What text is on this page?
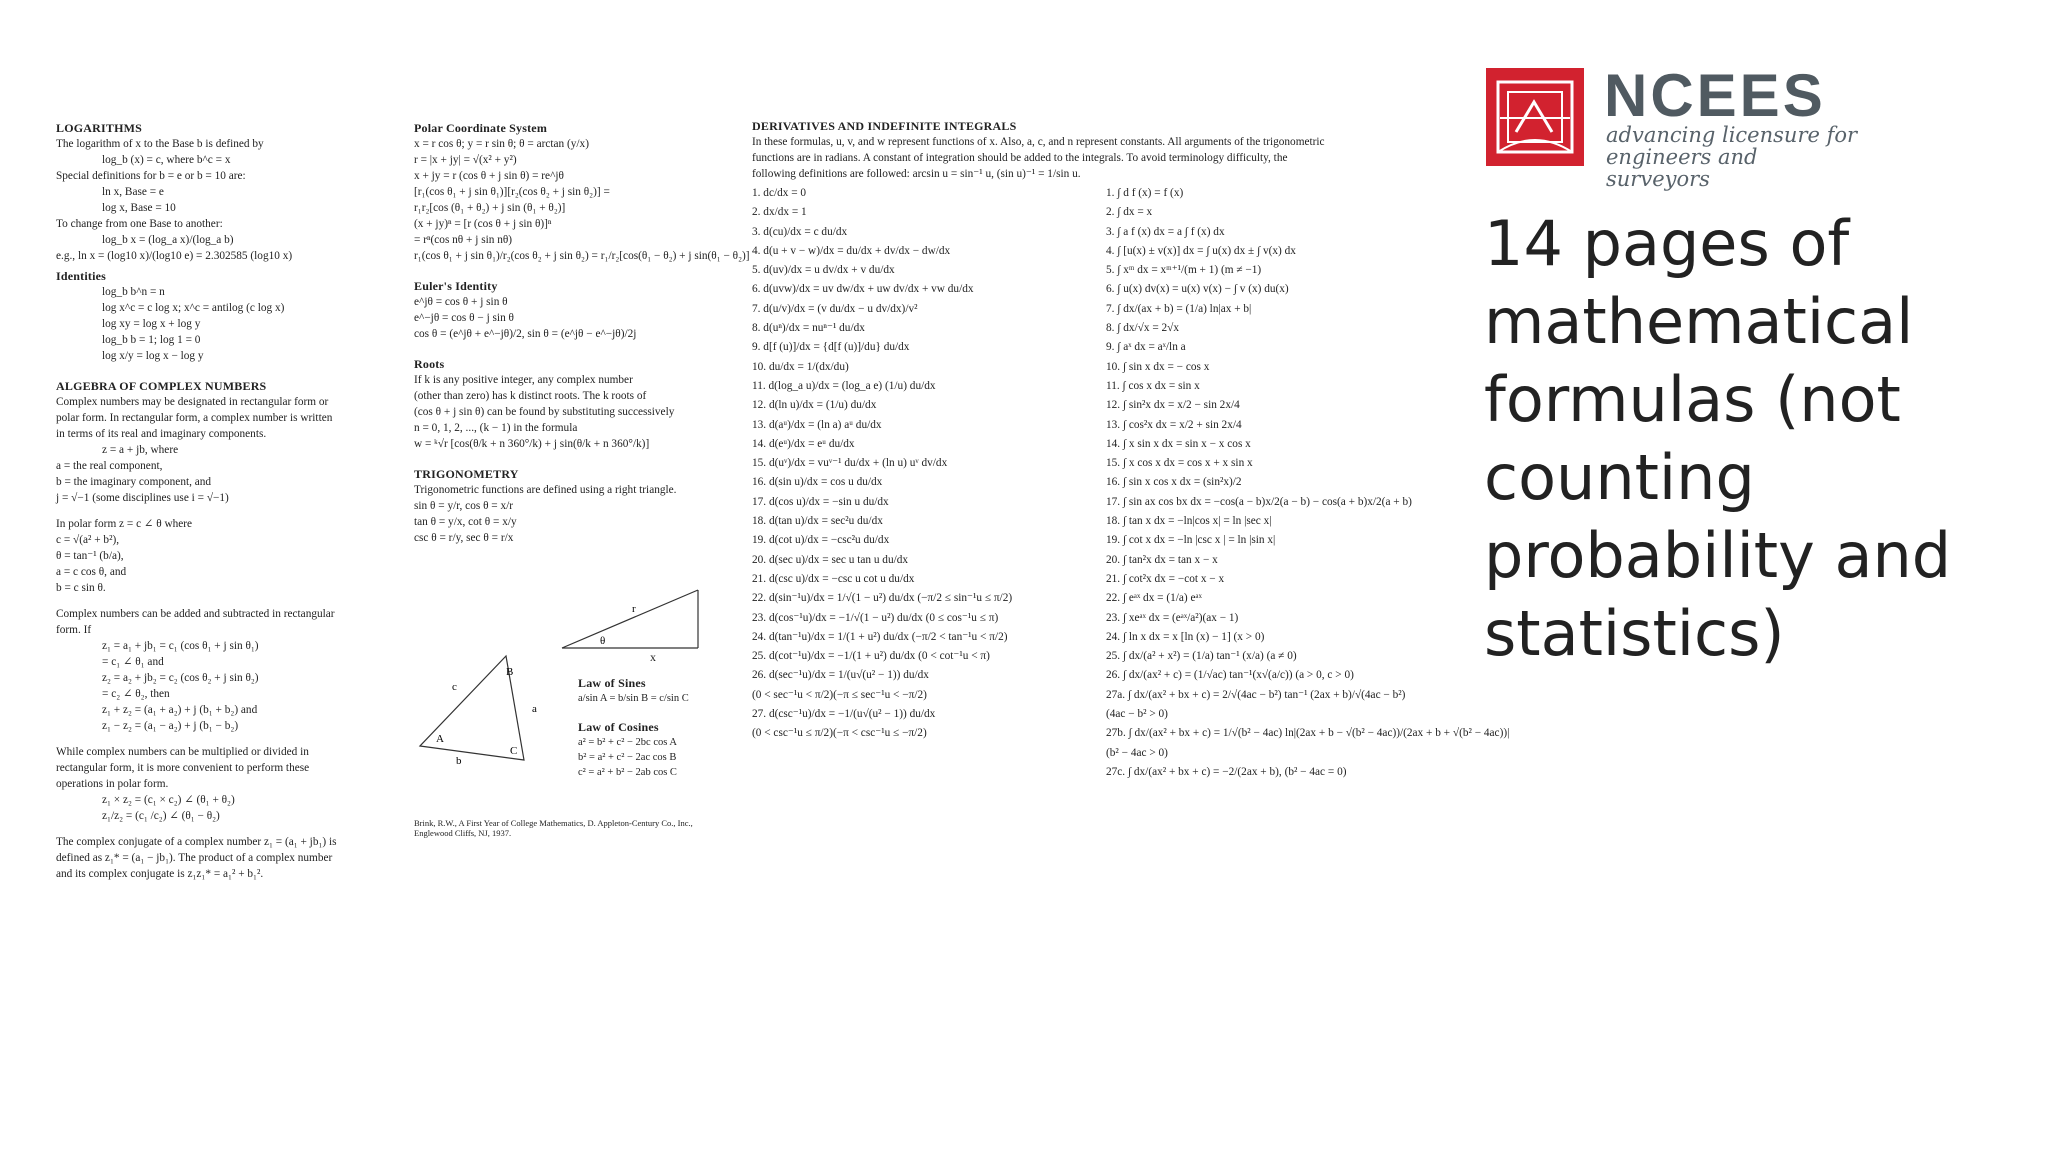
LOGARITHMS
The logarithm of x to the Base b is defined by
log_b (x) = c, where b^c = x
Special definitions for b = e or b = 10 are:
ln x, Base = e
log x, Base = 10
To change from one Base to another:
log_b x = (log_a x)/(log_a b)
e.g., ln x = (log10 x)/(log10 e) = 2.302585 (log10 x)
Identities
log_b b^n = n
log x^c = c log x; x^c = antilog (c log x)
log xy = log x + log y
log_b b = 1; log 1 = 0
log x/y = log x − log y
ALGEBRA OF COMPLEX NUMBERS
Complex numbers may be designated in rectangular form or
polar form. In rectangular form, a complex number is written
in terms of its real and imaginary components.
z = a + jb, where
a = the real component,
b = the imaginary component, and
j = √−1 (some disciplines use i = √−1)
In polar form z = c ∠ θ where
c = √(a² + b²),
θ = tan⁻¹ (b/a),
a = c cos θ, and
b = c sin θ.
Complex numbers can be added and subtracted in rectangular
form. If
z₁ = a₁ + jb₁ = c₁ (cos θ₁ + j sin θ₁)
= c₁ ∠ θ₁ and
z₂ = a₂ + jb₂ = c₂ (cos θ₂ + j sin θ₂)
= c₂ ∠ θ₂, then
z₁ + z₂ = (a₁ + a₂) + j (b₁ + b₂) and
z₁ − z₂ = (a₁ − a₂) + j (b₁ − b₂)
While complex numbers can be multiplied or divided in
rectangular form, it is more convenient to perform these
operations in polar form.
z₁ × z₂ = (c₁ × c₂) ∠ (θ₁ + θ₂)
z₁/z₂ = (c₁ /c₂) ∠ (θ₁ − θ₂)
The complex conjugate of a complex number z₁ = (a₁ + jb₁) is
defined as z₁* = (a₁ − jb₁). The product of a complex number
and its complex conjugate is z₁z₁* = a₁² + b₁².
Polar Coordinate System
x = r cos θ; y = r sin θ; θ = arctan (y/x)
r = |x + jy| = √(x² + y²)
x + jy = r (cos θ + j sin θ) = re^jθ
[r₁(cos θ₁ + j sin θ₁)][r₂(cos θ₂ + j sin θ₂)] =
r₁r₂[cos (θ₁ + θ₂) + j sin (θ₁ + θ₂)]
(x + jy)ⁿ = [r (cos θ + j sin θ)]ⁿ
= rⁿ(cos nθ + j sin nθ)
r₁(cos θ₁ + j sin θ₁)/r₂(cos θ₂ + j sin θ₂) = r₁/r₂[cos(θ₁ − θ₂) + j sin(θ₁ − θ₂)]
Euler's Identity
e^jθ = cos θ + j sin θ
e^−jθ = cos θ − j sin θ
cos θ = (e^jθ + e^−jθ)/2, sin θ = (e^jθ − e^−jθ)/2j
Roots
If k is any positive integer, any complex number
(other than zero) has k distinct roots. The k roots of
(cos θ + j sin θ) can be found by substituting successively
n = 0, 1, 2, ..., (k − 1) in the formula
w = ᵏ√r [cos(θ/k + n 360°/k) + j sin(θ/k + n 360°/k)]
TRIGONOMETRY
Trigonometric functions are defined using a right triangle.
sin θ = y/r, cos θ = x/r
tan θ = y/x, cot θ = x/y
csc θ = r/y, sec θ = r/x
r
θ
x
A
B
C
c
a
b
Law of Sines
a/sin A = b/sin B = c/sin C
Law of Cosines
a² = b² + c² − 2bc cos A
b² = a² + c² − 2ac cos B
c² = a² + b² − 2ab cos C
Brink, R.W., A First Year of College Mathematics, D. Appleton-Century Co., Inc., Englewood Cliffs, NJ, 1937.
DERIVATIVES AND INDEFINITE INTEGRALS
In these formulas, u, v, and w represent functions of x. Also, a, c, and n represent constants. All arguments of the trigonometric
functions are in radians. A constant of integration should be added to the integrals. To avoid terminology difficulty, the
following definitions are followed: arcsin u = sin⁻¹ u, (sin u)⁻¹ = 1/sin u.
1. dc/dx = 0
2. dx/dx = 1
3. d(cu)/dx = c du/dx
4. d(u + v − w)/dx = du/dx + dv/dx − dw/dx
5. d(uv)/dx = u dv/dx + v du/dx
6. d(uvw)/dx = uv dw/dx + uw dv/dx + vw du/dx
7. d(u/v)/dx = (v du/dx − u dv/dx)/v²
8. d(uⁿ)/dx = nuⁿ⁻¹ du/dx
9. d[f (u)]/dx = {d[f (u)]/du} du/dx
10. du/dx = 1/(dx/du)
11. d(log_a u)/dx = (log_a e) (1/u) du/dx
12. d(ln u)/dx = (1/u) du/dx
13. d(aᵘ)/dx = (ln a) aᵘ du/dx
14. d(eᵘ)/dx = eᵘ du/dx
15. d(uᵛ)/dx = vuᵛ⁻¹ du/dx + (ln u) uᵛ dv/dx
16. d(sin u)/dx = cos u du/dx
17. d(cos u)/dx = −sin u du/dx
18. d(tan u)/dx = sec²u du/dx
19. d(cot u)/dx = −csc²u du/dx
20. d(sec u)/dx = sec u tan u du/dx
21. d(csc u)/dx = −csc u cot u du/dx
22. d(sin⁻¹u)/dx = 1/√(1 − u²) du/dx (−π/2 ≤ sin⁻¹u ≤ π/2)
23. d(cos⁻¹u)/dx = −1/√(1 − u²) du/dx (0 ≤ cos⁻¹u ≤ π)
24. d(tan⁻¹u)/dx = 1/(1 + u²) du/dx (−π/2 < tan⁻¹u < π/2)
25. d(cot⁻¹u)/dx = −1/(1 + u²) du/dx (0 < cot⁻¹u < π)
26. d(sec⁻¹u)/dx = 1/(u√(u² − 1)) du/dx
(0 < sec⁻¹u < π/2)(−π ≤ sec⁻¹u < −π/2)
27. d(csc⁻¹u)/dx = −1/(u√(u² − 1)) du/dx
(0 < csc⁻¹u ≤ π/2)(−π < csc⁻¹u ≤ −π/2)
1. ∫ d f (x) = f (x)
2. ∫ dx = x
3. ∫ a f (x) dx = a ∫ f (x) dx
4. ∫ [u(x) ± v(x)] dx = ∫ u(x) dx ± ∫ v(x) dx
5. ∫ xᵐ dx = xᵐ⁺¹/(m + 1) (m ≠ −1)
6. ∫ u(x) dv(x) = u(x) v(x) − ∫ v (x) du(x)
7. ∫ dx/(ax + b) = (1/a) ln|ax + b|
8. ∫ dx/√x = 2√x
9. ∫ aˣ dx = aˣ/ln a
10. ∫ sin x dx = − cos x
11. ∫ cos x dx = sin x
12. ∫ sin²x dx = x/2 − sin 2x/4
13. ∫ cos²x dx = x/2 + sin 2x/4
14. ∫ x sin x dx = sin x − x cos x
15. ∫ x cos x dx = cos x + x sin x
16. ∫ sin x cos x dx = (sin²x)/2
17. ∫ sin ax cos bx dx = −cos(a − b)x/2(a − b) − cos(a + b)x/2(a + b)
18. ∫ tan x dx = −ln|cos x| = ln |sec x|
19. ∫ cot x dx = −ln |csc x | = ln |sin x|
20. ∫ tan²x dx = tan x − x
21. ∫ cot²x dx = −cot x − x
22. ∫ eᵃˣ dx = (1/a) eᵃˣ
23. ∫ xeᵃˣ dx = (eᵃˣ/a²)(ax − 1)
24. ∫ ln x dx = x [ln (x) − 1] (x > 0)
25. ∫ dx/(a² + x²) = (1/a) tan⁻¹ (x/a) (a ≠ 0)
26. ∫ dx/(ax² + c) = (1/√ac) tan⁻¹(x√(a/c)) (a > 0, c > 0)
27a. ∫ dx/(ax² + bx + c) = 2/√(4ac − b²) tan⁻¹ (2ax + b)/√(4ac − b²)
(4ac − b² > 0)
27b. ∫ dx/(ax² + bx + c) = 1/√(b² − 4ac) ln|(2ax + b − √(b² − 4ac))/(2ax + b + √(b² − 4ac))|
(b² − 4ac > 0)
27c. ∫ dx/(ax² + bx + c) = −2/(2ax + b), (b² − 4ac = 0)
NCEES
advancing licensure for
engineers and surveyors
14 pages of mathematical formulas (not counting probability and statistics)
